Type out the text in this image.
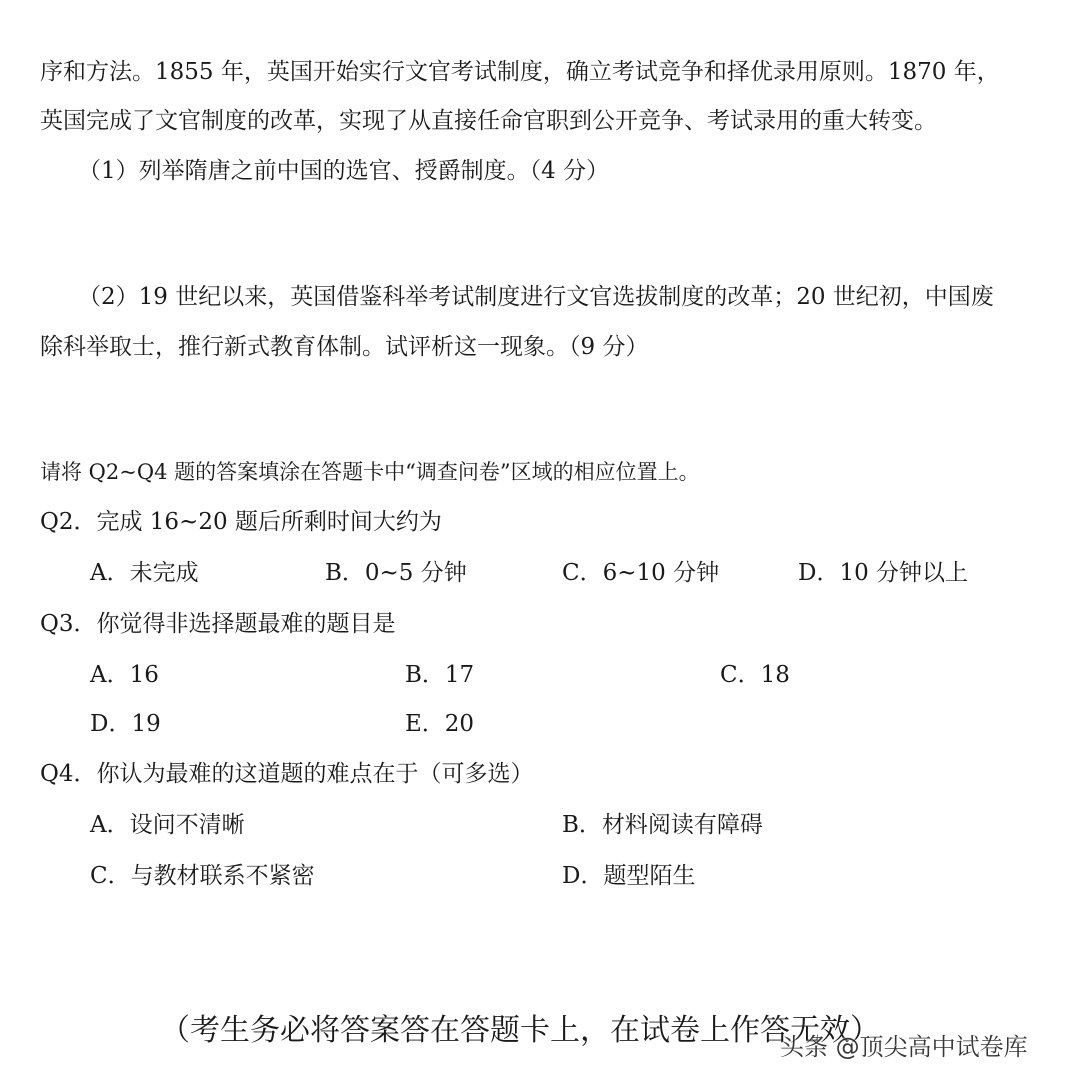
序和方法。1855 年，英国开始实行文官考试制度，确立考试竞争和择优录用原则。1870 年，
英国完成了文官制度的改革，实现了从直接任命官职到公开竞争、考试录用的重大转变。
（1）列举隋唐之前中国的选官、授爵制度。（4 分）
（2）19 世纪以来，英国借鉴科举考试制度进行文官选拔制度的改革；20 世纪初，中国废
除科举取士，推行新式教育体制。试评析这一现象。（9 分）
请将 Q2~Q4 题的答案填涂在答题卡中“调查问卷”区域的相应位置上。
Q2．完成 16~20 题后所剩时间大约为
A．未完成	B．0~5 分钟	C．6~10 分钟	D．10 分钟以上
Q3．你觉得非选择题最难的题目是
A．16	B．17	C．18
D．19	E．20
Q4．你认为最难的这道题的难点在于（可多选）
A．设问不清晰	B．材料阅读有障碍
C．与教材联系不紧密	D．题型陌生
（考生务必将答案答在答题卡上，在试卷上作答无效）
头条 @顶尖高中试卷库
